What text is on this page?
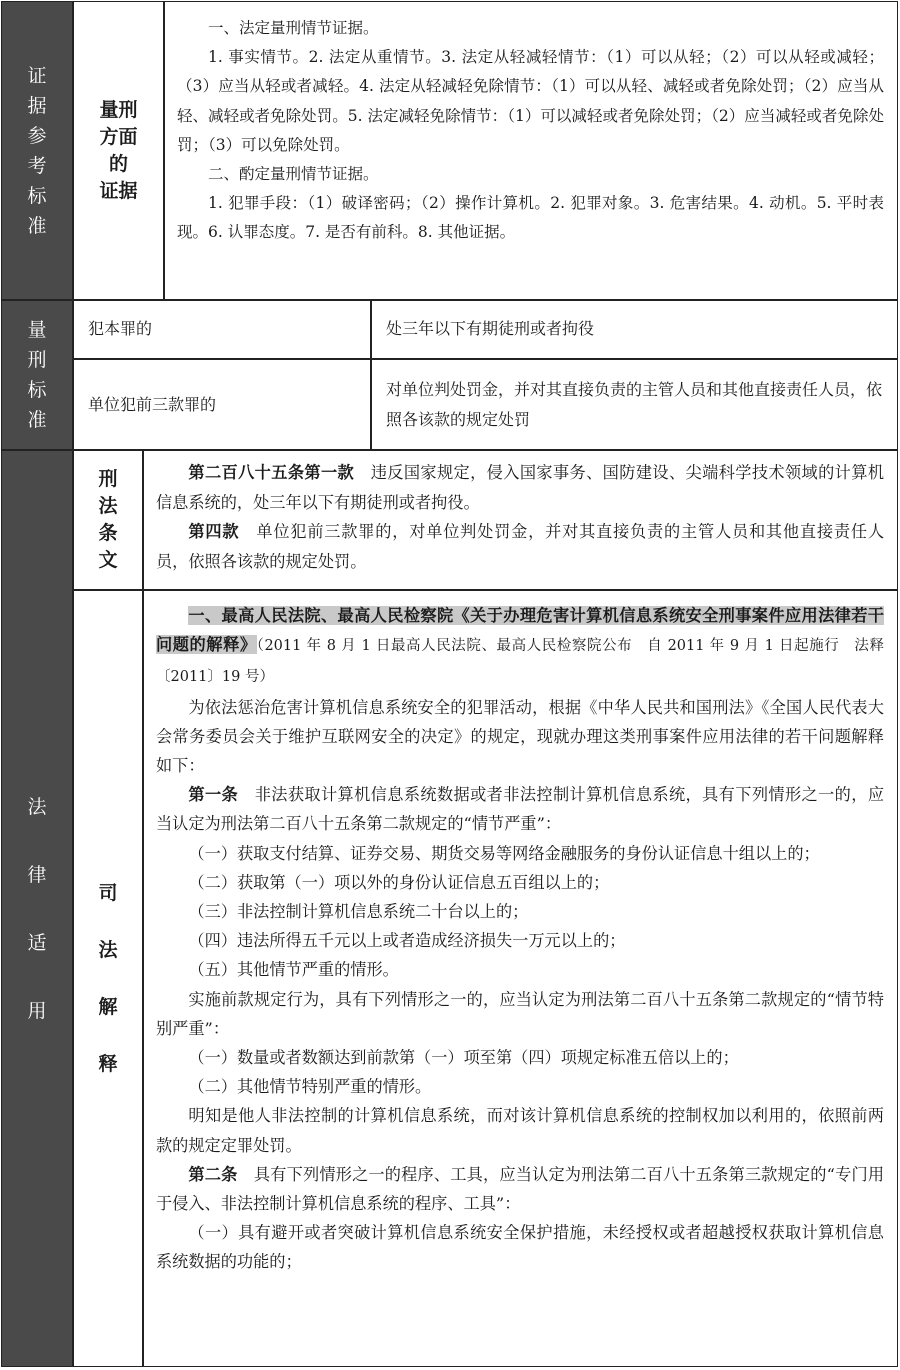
证
据
参
考
标
准
量
刑
标
准
法
律
适
用
量刑
方面
的
证据

一、法定量刑情节证据。

1. 事实情节。2. 法定从重情节。3. 法定从轻减轻情节：（1）可以从轻；（2）可以从轻或减轻；（3）应当从轻或者减轻。4. 法定从轻减轻免除情节：（1）可以从轻、减轻或者免除处罚；（2）应当从轻、减轻或者免除处罚。5. 法定减轻免除情节：（1）可以减轻或者免除处罚；（2）应当减轻或者免除处罚；（3）可以免除处罚。

二、酌定量刑情节证据。

1. 犯罪手段：（1）破译密码；（2）操作计算机。2. 犯罪对象。3. 危害结果。4. 动机。5. 平时表现。6. 认罪态度。7. 是否有前科。8. 其他证据。

犯本罪的	处三年以下有期徒刑或者拘役
单位犯前三款罪的
对单位判处罚金，并对其直接负责的主管人员和其他直接责任人员，依照各该款的规定处罚
刑
法
条
文

第二百八十五条第一款　 违反国家规定，侵入国家事务、国防建设、尖端科学技术领域的计算机信息系统的，处三年以下有期徒刑或者拘役。

第四款　 单位犯前三款罪的，对单位判处罚金，并对其直接负责的主管人员和其他直接责任人员，依照各该款的规定处罚。

司
法
解
释

一、最高人民法院、最高人民检察院《关于办理危害计算机信息系统安全刑事案件应用法律若干问题的解释》（2011 年 8 月 1 日最高人民法院、最高人民检察院公布　自 2011 年 9 月 1 日起施行　法释〔2011〕19 号）

为依法惩治危害计算机信息系统安全的犯罪活动，根据《中华人民共和国刑法》《全国人民代表大会常务委员会关于维护互联网安全的决定》的规定，现就办理这类刑事案件应用法律的若干问题解释如下：

第一条　 非法获取计算机信息系统数据或者非法控制计算机信息系统，具有下列情形之一的，应当认定为刑法第二百八十五条第二款规定的“情节严重”：

（一）获取支付结算、证券交易、期货交易等网络金融服务的身份认证信息十组以上的；

（二）获取第（一）项以外的身份认证信息五百组以上的；

（三）非法控制计算机信息系统二十台以上的；

（四）违法所得五千元以上或者造成经济损失一万元以上的；

（五）其他情节严重的情形。

实施前款规定行为，具有下列情形之一的，应当认定为刑法第二百八十五条第二款规定的“情节特别严重”：

（一）数量或者数额达到前款第（一）项至第（四）项规定标准五倍以上的；

（二）其他情节特别严重的情形。

明知是他人非法控制的计算机信息系统，而对该计算机信息系统的控制权加以利用的，依照前两款的规定定罪处罚。

第二条　 具有下列情形之一的程序、工具，应当认定为刑法第二百八十五条第三款规定的“专门用于侵入、非法控制计算机信息系统的程序、工具”：

（一）具有避开或者突破计算机信息系统安全保护措施，未经授权或者超越授权获取计算机信息系统数据的功能的；
